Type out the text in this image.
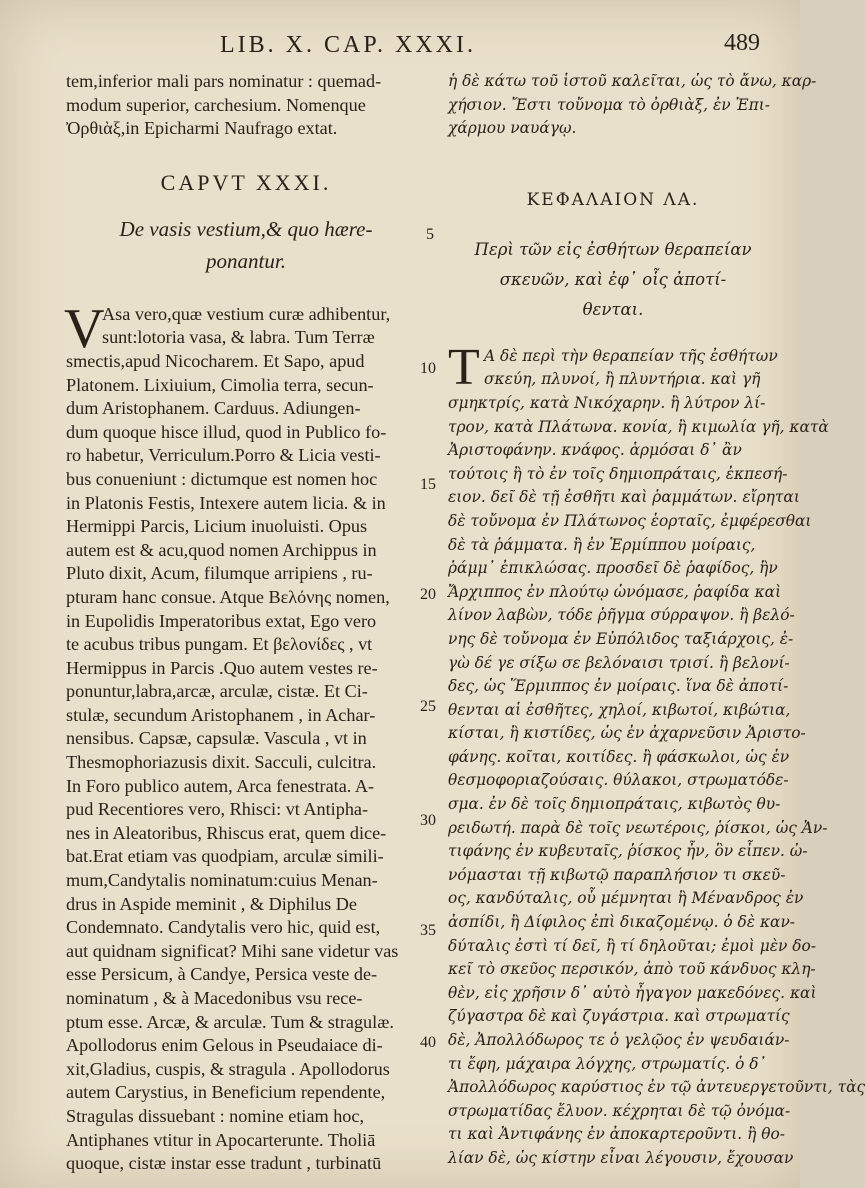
LIB. X. CAP. XXXI.	489
tem,inferior mali pars nominatur : quemad-
modum superior, carchesium. Nomenque
Ὀρθιὰξ,in Epicharmi Naufrago extat.
CAPVT XXXI.
De vasis vestium,& quo hære-
ponantur.
V
Asa vero,quæ vestium curæ adhibentur,
sunt:lotoria vasa, & labra. Tum Terræ
smectis,apud Nicocharem. Et Sapo, apud
Platonem. Lixiuium, Cimolia terra, secun-
dum Aristophanem. Carduus. Adiungen-
dum quoque hisce illud, quod in Publico fo-
ro habetur, Verriculum.Porro & Licia vesti-
bus conueniunt : dictumque est nomen hoc
in Platonis Festis, Intexere autem licia. & in
Hermippi Parcis, Licium inuoluisti. Opus
autem est & acu,quod nomen Archippus in
Pluto dixit, Acum, filumque arripiens , ru-
pturam hanc consue. Atque Βελόνης nomen,
in Eupolidis Imperatoribus extat, Ego vero
te acubus tribus pungam. Et βελονίδες , vt
Hermippus in Parcis .Quo autem vestes re-
ponuntur,labra,arcæ, arculæ, cistæ. Et Ci-
stulæ, secundum Aristophanem , in Achar-
nensibus. Capsæ, capsulæ. Vascula , vt in
Thesmophoriazusis dixit. Sacculi, culcitra.
In Foro publico autem, Arca fenestrata. A-
pud Recentiores vero, Rhisci: vt Antipha-
nes in Aleatoribus, Rhiscus erat, quem dice-
bat.Erat etiam vas quodpiam, arculæ simili-
mum,Candytalis nominatum:cuius Menan-
drus in Aspide meminit , & Diphilus De
Condemnato. Candytalis vero hic, quid est,
aut quidnam significat? Mihi sane videtur vas
esse Persicum, à Candye, Persica veste de-
nominatum , & à Macedonibus vsu rece-
ptum esse. Arcæ, & arculæ. Tum & stragulæ.
Apollodorus enim Gelous in Pseudaiace di-
xit,Gladius, cuspis, & stragula . Apollodorus
autem Carystius, in Beneficium rependente,
Stragulas dissuebant : nomine etiam hoc,
Antiphanes vtitur in Apocarterunte. Tholiā
quoque, cistæ instar esse tradunt , turbinatū
ἡ δὲ κάτω τοῦ ἱστοῦ καλεῖται, ὡς τὸ ἄνω, καρ-
χήσιον. Ἔστι τοὔνομα τὸ ὀρθιὰξ, ἐν Ἐπι-
χάρμου ναυάγῳ.
ΚΕΦΑΛΑΙΟΝ ΛΑ.
Περὶ τῶν εἰς ἐσθήτων θεραπείαν
σκευῶν, καὶ ἐφ᾽ οἷς ἀποτί-
θενται.
Τ Α δὲ περὶ τὴν θεραπείαν τῆς ἐσθήτων
σκεύη, πλυνοί, ἢ πλυντήρια. καὶ γῆ
σμηκτρίς, κατὰ Νικόχαρην. ἢ λύτρον λί-
τρον, κατὰ Πλάτωνα. κονία, ἢ κιμωλία γῆ, κατὰ
Ἀριστοφάνην. κνάφος. ἁρμόσαι δ᾽ ἂν
τούτοις ἢ τὸ ἐν τοῖς δημιοπράταις, ἐκπεσή-
ειον. δεῖ δὲ τῇ ἐσθῆτι καὶ ῥαμμάτων. εἴρηται
δὲ τοὔνομα ἐν Πλάτωνος ἑορταῖς, ἐμφέρεσθαι
δὲ τὰ ῥάμματα. ἢ ἐν Ἑρμίππου μοίραις,
ῥάμμ᾽ ἐπικλώσας. προσδεῖ δὲ ῥαφίδος, ἣν
Ἄρχιππος ἐν πλούτῳ ὠνόμασε, ῥαφίδα καὶ
λίνον λαβὼν, τόδε ῥῆγμα σύρραψον. ἢ βελό-
νης δὲ τοὔνομα ἐν Εὐπόλιδος ταξιάρχοις, ἐ-
γὼ δέ γε σίξω σε βελόναισι τρισί. ἢ βελονί-
δες, ὡς Ἕρμιππος ἐν μοίραις. ἵνα δὲ ἀποτί-
θενται αἱ ἐσθῆτες, χηλοί, κιβωτοί, κιβώτια,
κίσται, ἢ κιστίδες, ὡς ἐν ἀχαρνεῦσιν Ἀριστο-
φάνης. κοῖται, κοιτίδες. ἢ φάσκωλοι, ὡς ἐν
θεσμοφοριαζούσαις. θύλακοι, στρωματόδε-
σμα. ἐν δὲ τοῖς δημιοπράταις, κιβωτὸς θυ-
ρειδωτή. παρὰ δὲ τοῖς νεωτέροις, ῥίσκοι, ὡς Ἀν-
τιφάνης ἐν κυβευταῖς, ῥίσκος ἦν, ὃν εἶπεν. ὠ-
νόμασται τῇ κιβωτῷ παραπλήσιον τι σκεῦ-
ος, κανδύταλις, οὗ μέμνηται ἢ Μένανδρος ἐν
ἀσπίδι, ἢ Δίφιλος ἐπὶ δικαζομένῳ. ὁ δὲ καν-
δύταλις ἐστὶ τί δεῖ, ἢ τί δηλοῦται; ἐμοὶ μὲν δο-
κεῖ τὸ σκεῦος περσικόν, ἀπὸ τοῦ κάνδυος κλη-
θὲν, εἰς χρῆσιν δ᾽ αὐτὸ ἦγαγον μακεδόνες. καὶ
ζύγαστρα δὲ καὶ ζυγάστρια. καὶ στρωματίς
δὲ, Ἀπολλόδωρος τε ὁ γελῷος ἐν ψευδαιάν-
τι ἔφη, μάχαιρα λόγχης, στρωματίς. ὁ δ᾽
Ἀπολλόδωρος καρύστιος ἐν τῷ ἀντευεργετοῦντι, τὰς
στρωματίδας ἔλυον. κέχρηται δὲ τῷ ὀνόμα-
τι καὶ Ἀντιφάνης ἐν ἀποκαρτεροῦντι. ἢ θο-
λίαν δὲ, ὡς κίστην εἶναι λέγουσιν, ἔχουσαν
5
10
15
20
25
30
35
40
